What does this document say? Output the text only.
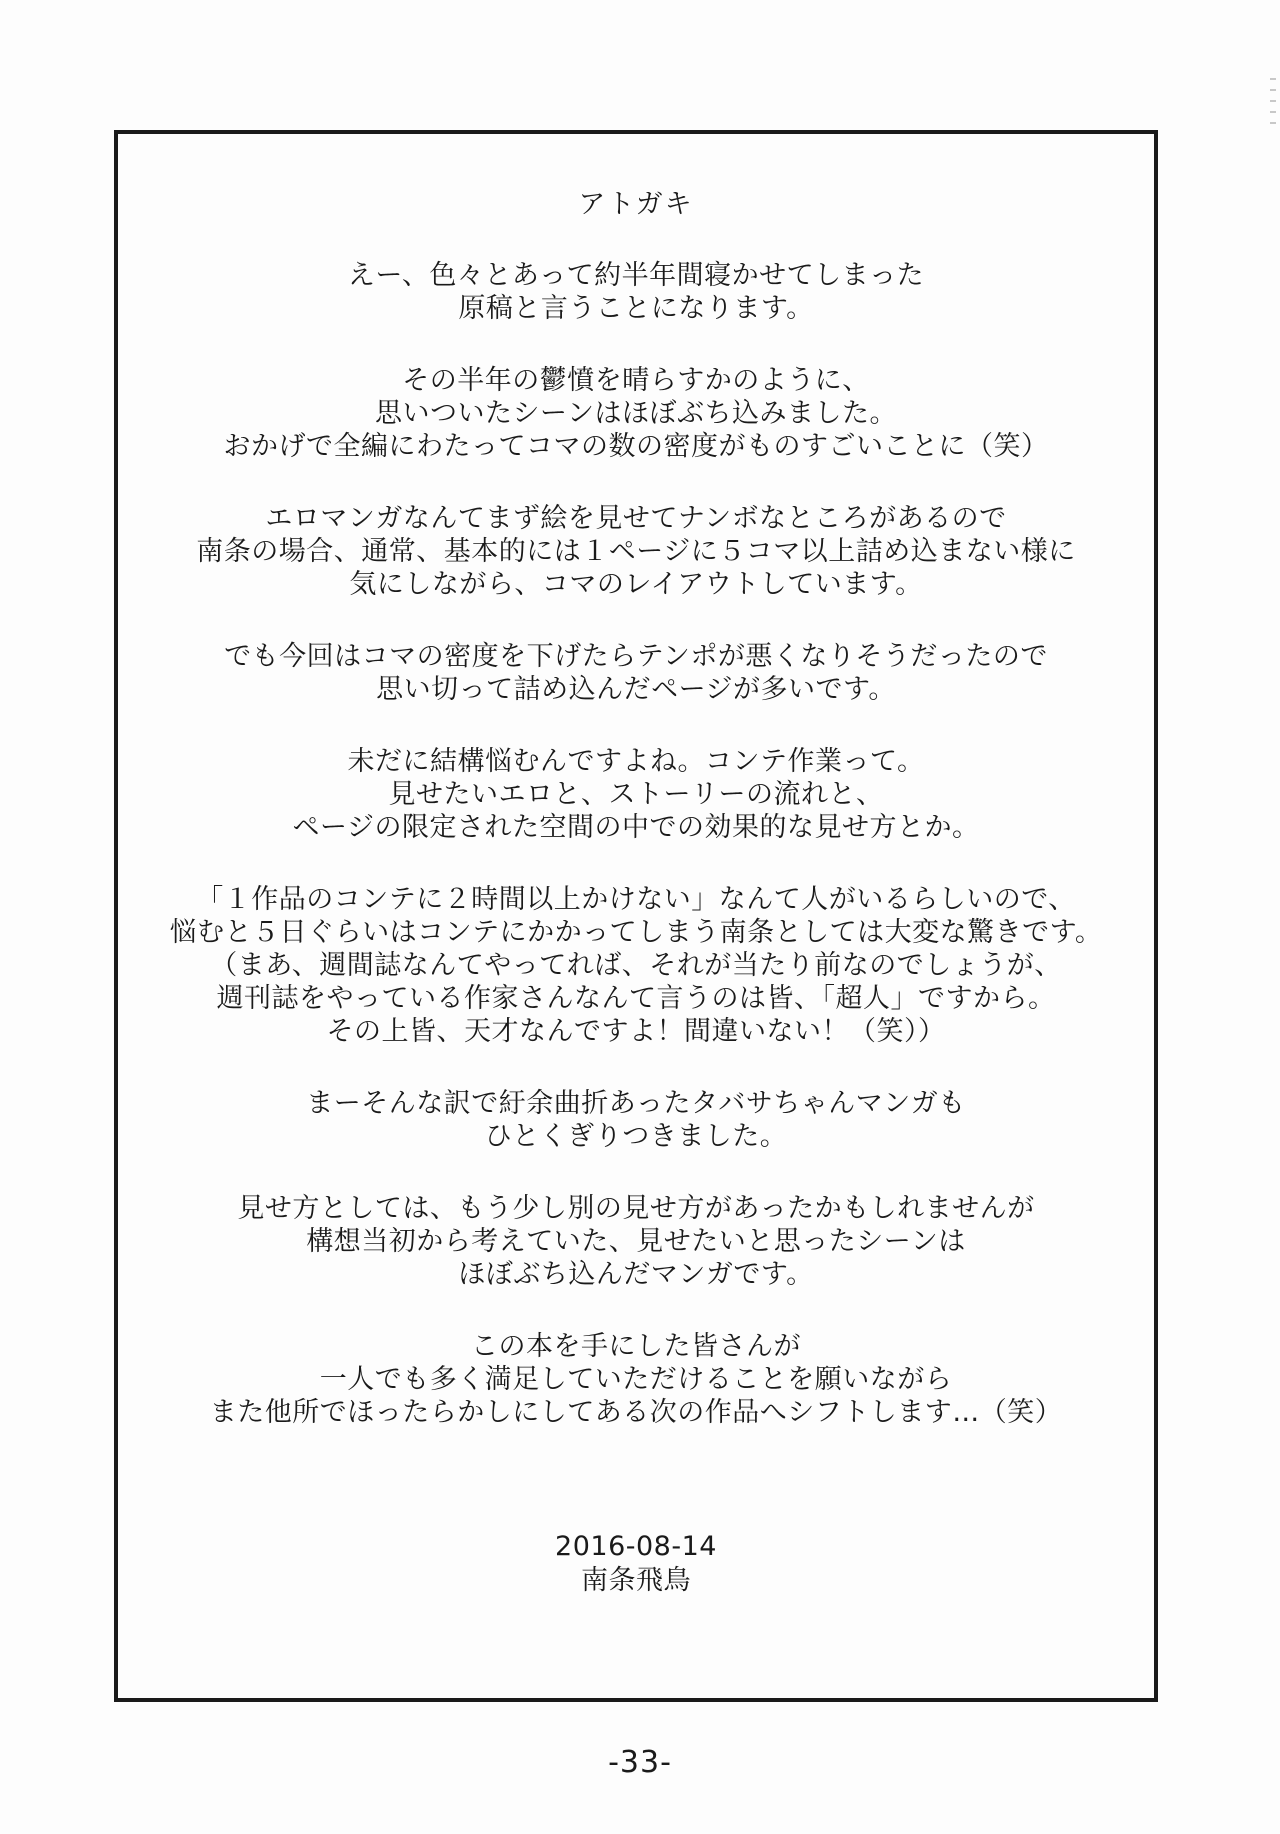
アトガキ

えー、色々とあって約半年間寝かせてしまった
原稿と言うことになります。

その半年の鬱憤を晴らすかのように、
思いついたシーンはほぼぶち込みました。
おかげで全編にわたってコマの数の密度がものすごいことに（笑）

エロマンガなんてまず絵を見せてナンボなところがあるので
南条の場合、通常、基本的には１ページに５コマ以上詰め込まない様に
気にしながら、コマのレイアウトしています。

でも今回はコマの密度を下げたらテンポが悪くなりそうだったので
思い切って詰め込んだページが多いです。

未だに結構悩むんですよね。コンテ作業って。
見せたいエロと、ストーリーの流れと、
ページの限定された空間の中での効果的な見せ方とか。

「１作品のコンテに２時間以上かけない」なんて人がいるらしいので、
悩むと５日ぐらいはコンテにかかってしまう南条としては大変な驚きです。
（まあ、週間誌なんてやってれば、それが当たり前なのでしょうが、
週刊誌をやっている作家さんなんて言うのは皆、「超人」ですから。
その上皆、天才なんですよ！間違いない！（笑））

まーそんな訳で紆余曲折あったタバサちゃんマンガも
ひとくぎりつきました。

見せ方としては、もう少し別の見せ方があったかもしれませんが
構想当初から考えていた、見せたいと思ったシーンは
ほぼぶち込んだマンガです。

この本を手にした皆さんが
一人でも多く満足していただけることを願いながら
また他所でほったらかしにしてある次の作品へシフトします…（笑）

2016-08-14
南条飛鳥
-33-
